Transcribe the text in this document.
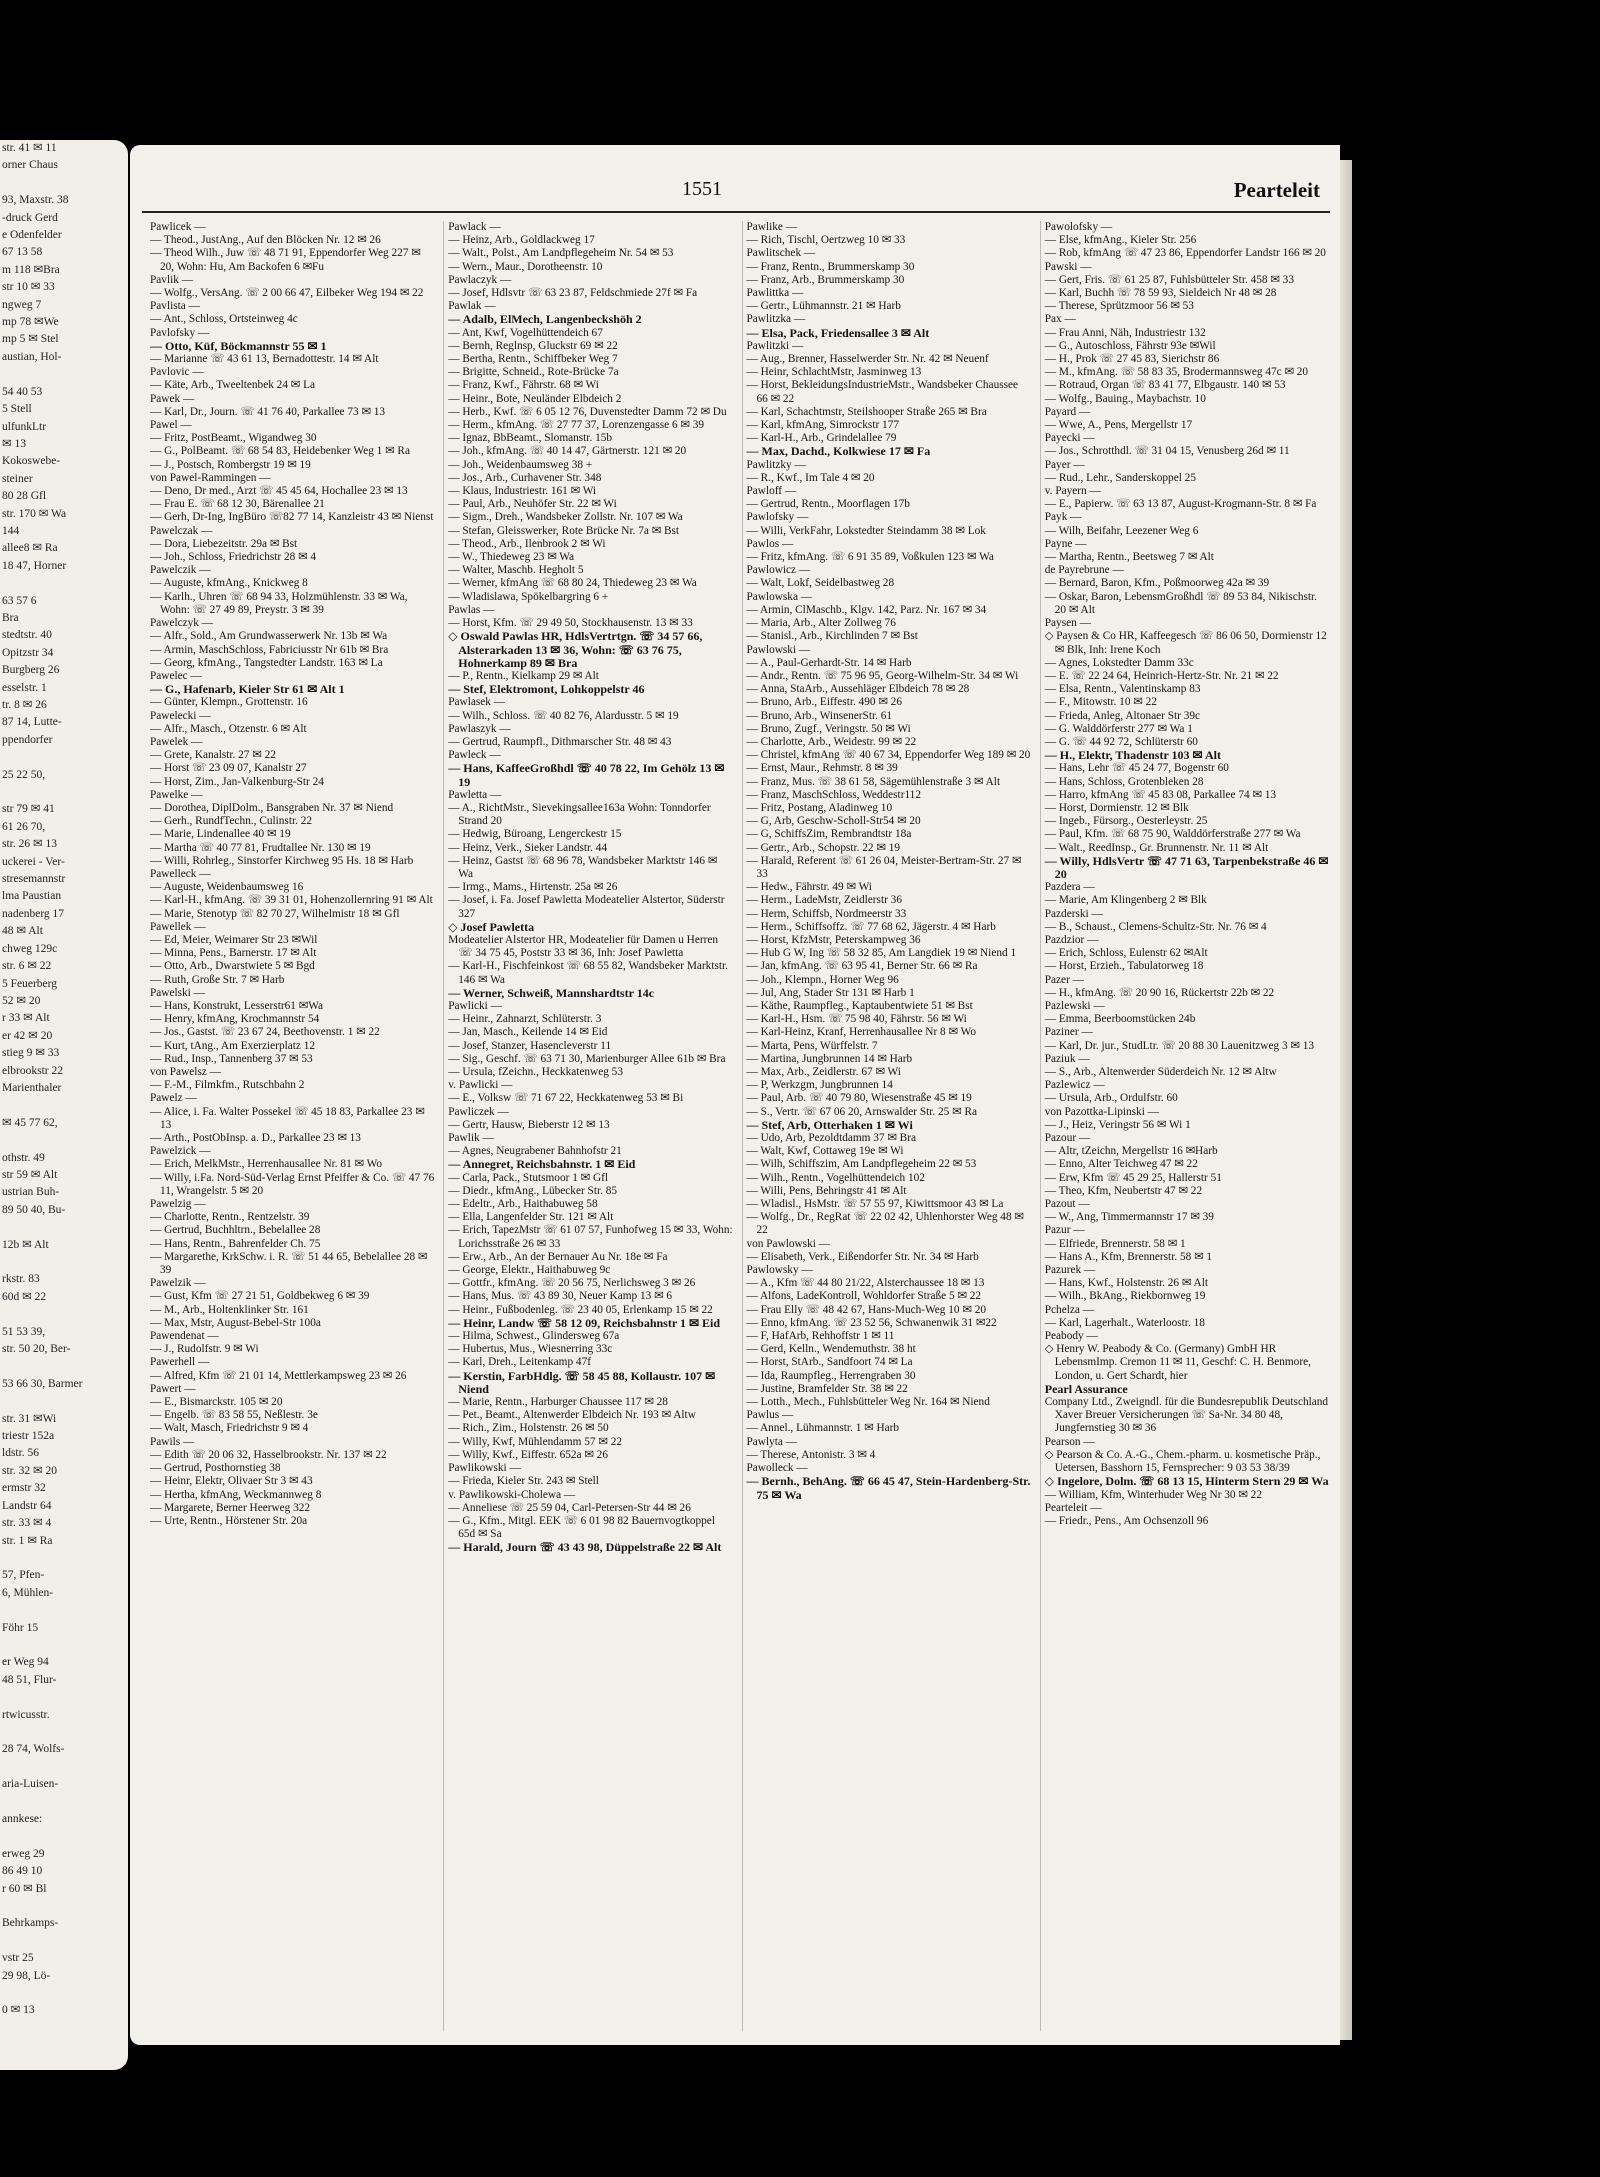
str. 41 ✉ 11
orner Chaus

93, Maxstr. 38
-druck Gerd
e Odenfelder
67 13 58
m 118 ✉Bra
str 10 ✉ 33
ngweg 7
mp 78 ✉We
mp 5 ✉ Stel
austian, Hol-

54 40 53
5 Stell
ulfunkLtr
✉ 13
Kokoswebe-
steiner
80 28 Gfl
str. 170 ✉ Wa
144
allee8 ✉ Ra
18 47, Horner

63 57 6
Bra
stedtstr. 40
Opitzstr 34
Burgberg 26
esselstr. 1
tr. 8 ✉ 26
87 14, Lutte-
ppendorfer

25 22 50,

str 79 ✉ 41
61 26 70,
str. 26 ✉ 13
uckerei - Ver-
stresemannstr
lma Paustian
nadenberg 17
48 ✉ Alt
chweg 129c
str. 6 ✉ 22
5 Feuerberg
52 ✉ 20
r 33 ✉ Alt
er 42 ✉ 20
stieg 9 ✉ 33
elbrookstr 22
Marienthaler

✉ 45 77 62,

othstr. 49
str 59 ✉ Alt
ustrian Buh-
89 50 40, Bu-

12b ✉ Alt

rkstr. 83
60d ✉ 22

51 53 39,
str. 50 20, Ber-

53 66 30, Barmer

str. 31 ✉Wi
triestr 152a
ldstr. 56
str. 32 ✉ 20
ermstr 32
Landstr 64
str. 33 ✉ 4
str. 1 ✉ Ra

57, Pfen-
6, Mühlen-

Föhr 15

er Weg 94
48 51, Flur-

rtwicusstr.

28 74, Wolfs-

aria-Luisen-

annkese:

erweg 29
86 49 10
r 60 ✉ Bl

Behrkamps-

vstr 25
29 98, Lö-

0 ✉ 13
1551	Pearteleit
Pawlicek —
— Theod., JustAng., Auf den Blöcken Nr. 12 ✉ 26
— Theod Wilh., Juw ☏ 48 71 91, Eppendorfer Weg 227 ✉ 20, Wohn: Hu, Am Backofen 6 ✉Fu
Pavlik —
— Wolfg., VersAng. ☏ 2 00 66 47, Eilbeker Weg 194 ✉ 22
Pavlista —
— Ant., Schloss, Ortsteinweg 4c
Pavlofsky —
— Otto, Küf, Böckmannstr 55 ✉ 1
— Marianne ☏ 43 61 13, Bernadottestr. 14 ✉ Alt
Pavlovic —
— Käte, Arb., Tweeltenbek 24 ✉ La
Pawek —
— Karl, Dr., Journ. ☏ 41 76 40, Parkallee 73 ✉ 13
Pawel —
— Fritz, PostBeamt., Wigandweg 30
— G., PolBeamt. ☏ 68 54 83, Heidebenker Weg 1 ✉ Ra
— J., Postsch, Rombergstr 19 ✉ 19
von Pawel-Rammingen —
— Deno, Dr med., Arzt ☏ 45 45 64, Hochallee 23 ✉ 13
— Frau E. ☏ 68 12 30, Bärenallee 21
— Gerh, Dr-Ing, IngBüro ☏82 77 14, Kanzleistr 43 ✉ Nienst
Pawelczak —
— Dora, Liebezeitstr. 29a ✉ Bst
— Joh., Schloss, Friedrichstr 28 ✉ 4
Pawelczik —
— Auguste, kfmAng., Knickweg 8
— Karlh., Uhren ☏ 68 94 33, Holzmühlenstr. 33 ✉ Wa, Wohn: ☏ 27 49 89, Preystr. 3 ✉ 39
Pawelczyk —
— Alfr., Sold., Am Grundwasserwerk Nr. 13b ✉ Wa
— Armin, MaschSchloss, Fabriciusstr Nr 61b ✉ Bra
— Georg, kfmAng., Tangstedter Landstr. 163 ✉ La
Pawelec —
— G., Hafenarb, Kieler Str 61 ✉ Alt 1
— Günter, Klempn., Grottenstr. 16
Pawelecki —
— Alfr., Masch., Otzenstr. 6 ✉ Alt
Pawelek —
— Grete, Kanalstr. 27 ✉ 22
— Horst ☏ 23 09 07, Kanalstr 27
— Horst, Zim., Jan-Valkenburg-Str 24
Pawelke —
— Dorothea, DiplDolm., Bansgraben Nr. 37 ✉ Niend
— Gerh., RundfTechn., Culinstr. 22
— Marie, Lindenallee 40 ✉ 19
— Martha ☏ 40 77 81, Frudtallee Nr. 130 ✉ 19
— Willi, Rohrleg., Sinstorfer Kirchweg 95 Hs. 18 ✉ Harb
Pawelleck —
— Auguste, Weidenbaumsweg 16
— Karl-H., kfmAng. ☏ 39 31 01, Hohenzollernring 91 ✉ Alt
— Marie, Stenotyp ☏ 82 70 27, Wilhelmistr 18 ✉ Gfl
Pawellek —
— Ed, Meier, Weimarer Str 23 ✉Wil
— Minna, Pens., Barnerstr. 17 ✉ Alt
— Otto, Arb., Dwarstwiete 5 ✉ Bgd
— Ruth, Große Str. 7 ✉ Harb
Pawelski —
— Hans, Konstrukt, Lesserstr61 ✉Wa
— Henry, kfmAng, Krochmannstr 54
— Jos., Gastst. ☏ 23 67 24, Beethovenstr. 1 ✉ 22
— Kurt, tAng., Am Exerzierplatz 12
— Rud., Insp., Tannenberg 37 ✉ 53
von Pawelsz —
— F.-M., Filmkfm., Rutschbahn 2
Pawelz —
— Alice, i. Fa. Walter Possekel ☏ 45 18 83, Parkallee 23 ✉ 13
— Arth., PostObInsp. a. D., Parkallee 23 ✉ 13
Pawelzick —
— Erich, MelkMstr., Herrenhausallee Nr. 81 ✉ Wo
— Willy, i.Fa. Nord-Süd-Verlag Ernst Pfeiffer & Co. ☏ 47 76 11, Wrangelstr. 5 ✉ 20
Pawelzig —
— Charlotte, Rentn., Rentzelstr. 39
— Gertrud, Buchhltrn., Bebelallee 28
— Hans, Rentn., Bahrenfelder Ch. 75
— Margarethe, KrkSchw. i. R. ☏ 51 44 65, Bebelallee 28 ✉ 39
Pawelzik —
— Gust, Kfm ☏ 27 21 51, Goldbekweg 6 ✉ 39
— M., Arb., Holtenklinker Str. 161
— Max, Mstr, August-Bebel-Str 100a
Pawendenat —
— J., Rudolfstr. 9 ✉ Wi
Pawerhell —
— Alfred, Kfm ☏ 21 01 14, Mettlerkampsweg 23 ✉ 26
Pawert —
— E., Bismarckstr. 105 ✉ 20
— Engelb. ☏ 83 58 55, Neßlestr. 3e
— Walt, Masch, Friedrichstr 9 ✉ 4
Pawils —
— Edith ☏ 20 06 32, Hasselbrookstr. Nr. 137 ✉ 22
— Gertrud, Posthornstieg 38
— Heinr, Elektr, Olivaer Str 3 ✉ 43
— Hertha, kfmAng, Weckmannweg 8
— Margarete, Berner Heerweg 322
— Urte, Rentn., Hörstener Str. 20a
Pawlack —
— Heinz, Arb., Goldlackweg 17
— Walt., Polst., Am Landpflegeheim Nr. 54 ✉ 53
— Wern., Maur., Dorotheenstr. 10
Pawlaczyk —
— Josef, Hdlsvtr ☏ 63 23 87, Feldschmiede 27f ✉ Fa
Pawlak —
— Adalb, ElMech, Langenbeckshöh 2
— Ant, Kwf, Vogelhüttendeich 67
— Bernh, Reglnsp, Gluckstr 69 ✉ 22
— Bertha, Rentn., Schiffbeker Weg 7
— Brigitte, Schneid., Rote-Brücke 7a
— Franz, Kwf., Fährstr. 68 ✉ Wi
— Heinr., Bote, Neuländer Elbdeich 2
— Herb., Kwf. ☏ 6 05 12 76, Duvenstedter Damm 72 ✉ Du
— Herm., kfmAng. ☏ 27 77 37, Lorenzengasse 6 ✉ 39
— Ignaz, BbBeamt., Slomanstr. 15b
— Joh., kfmAng. ☏ 40 14 47, Gärtnerstr. 121 ✉ 20
— Joh., Weidenbaumsweg 38 +
— Jos., Arb., Curhavener Str. 348
— Klaus, Industriestr. 161 ✉ Wi
— Paul, Arb., Neuhöfer Str. 22 ✉ Wi
— Sigm., Dreh., Wandsbeker Zollstr. Nr. 107 ✉ Wa
— Stefan, Gleisswerker, Rote Brücke Nr. 7a ✉ Bst
— Theod., Arb., Ilenbrook 2 ✉ Wi
— W., Thiedeweg 23 ✉ Wa
— Walter, Maschb. Hegholt 5
— Werner, kfmAng ☏ 68 80 24, Thiedeweg 23 ✉ Wa
— Wladislawa, Spökelbargring 6 +
Pawlas —
— Horst, Kfm. ☏ 29 49 50, Stockhausenstr. 13 ✉ 33
◇ Oswald Pawlas HR, HdlsVertrtgn. ☏ 34 57 66, Alsterarkaden 13 ✉ 36, Wohn: ☏ 63 76 75, Hohnerkamp 89 ✉ Bra
— P., Rentn., Kielkamp 29 ✉ Alt
— Stef, Elektromont, Lohkoppelstr 46
Pawlasek —
— Wilh., Schloss. ☏ 40 82 76, Alardusstr. 5 ✉ 19
Pawlaszyk —
— Gertrud, Raumpfl., Dithmarscher Str. 48 ✉ 43
Pawleck —
— Hans, KaffeeGroßhdl ☏ 40 78 22, Im Gehölz 13 ✉ 19
Pawletta —
— A., RichtMstr., Sievekingsallee163a Wohn: Tonndorfer Strand 20
— Hedwig, Büroang, Lengerckestr 15
— Heinz, Verk., Sieker Landstr. 44
— Heinz, Gastst ☏ 68 96 78, Wandsbeker Marktstr 146 ✉ Wa
— Irmg., Mams., Hirtenstr. 25a ✉ 26
— Josef, i. Fa. Josef Pawletta Modeatelier Alstertor, Süderstr 327
◇ Josef Pawletta
Modeatelier Alstertor HR, Modeatelier für Damen u Herren ☏ 34 75 45, Poststr 33 ✉ 36, Inh: Josef Pawletta
— Karl-H., Fischfeinkost ☏ 68 55 82, Wandsbeker Marktstr. 146 ✉ Wa
— Werner, Schweiß, Mannshardtstr 14c
Pawlicki —
— Heinr., Zahnarzt, Schlüterstr. 3
— Jan, Masch., Keilende 14 ✉ Eid
— Josef, Stanzer, Hasencleverstr 11
— Sig., Geschf. ☏ 63 71 30, Marienburger Allee 61b ✉ Bra
— Ursula, fZeichn., Heckkatenweg 53
v. Pawlicki —
— E., Volksw ☏ 71 67 22, Heckkatenweg 53 ✉ Bi
Pawliczek —
— Gertr, Hausw, Bieberstr 12 ✉ 13
Pawlik —
— Agnes, Neugrabener Bahnhofstr 21
— Annegret, Reichsbahnstr. 1 ✉ Eid
— Carla, Pack., Stutsmoor 1 ✉ Gfl
— Diedr., kfmAng., Lübecker Str. 85
— Edeltr., Arb., Haithabuweg 58
— Ella, Langenfelder Str. 121 ✉ Alt
— Erich, TapezMstr ☏ 61 07 57, Funhofweg 15 ✉ 33, Wohn: Lorichsstraße 26 ✉ 33
— Erw., Arb., An der Bernauer Au Nr. 18e ✉ Fa
— George, Elektr., Haithabuweg 9c
— Gottfr., kfmAng. ☏ 20 56 75, Nerlichsweg 3 ✉ 26
— Hans, Mus. ☏ 43 89 30, Neuer Kamp 13 ✉ 6
— Heinr., Fußbodenleg. ☏ 23 40 05, Erlenkamp 15 ✉ 22
— Heinr, Landw ☏ 58 12 09, Reichsbahnstr 1 ✉ Eid
— Hilma, Schwest., Glindersweg 67a
— Hubertus, Mus., Wiesnerring 33c
— Karl, Dreh., Leitenkamp 47f
— Kerstin, FarbHdlg. ☏ 58 45 88, Kollaustr. 107 ✉ Niend
— Marie, Rentn., Harburger Chaussee 117 ✉ 28
— Pet., Beamt., Altenwerder Elbdeich Nr. 193 ✉ Altw
— Rich., Zim., Holstenstr. 26 ✉ 50
— Willy, Kwf, Mühlendamm 57 ✉ 22
— Willy, Kwf., Eiffestr. 652a ✉ 26
Pawlikowski —
— Frieda, Kieler Str. 243 ✉ Stell
v. Pawlikowski-Cholewa —
— Anneliese ☏ 25 59 04, Carl-Petersen-Str 44 ✉ 26
— G., Kfm., Mitgl. EEK ☏ 6 01 98 82 Bauernvogtkoppel 65d ✉ Sa
— Harald, Journ ☏ 43 43 98, Düppelstraße 22 ✉ Alt
Pawlike —
— Rich, Tischl, Oertzweg 10 ✉ 33
Pawlitschek —
— Franz, Rentn., Brummerskamp 30
— Franz, Arb., Brummerskamp 30
Pawlittka —
— Gertr., Lühmannstr. 21 ✉ Harb
Pawlitzka —
— Elsa, Pack, Friedensallee 3 ✉ Alt
Pawlitzki —
— Aug., Brenner, Hasselwerder Str. Nr. 42 ✉ Neuenf
— Heinr, SchlachtMstr, Jasminweg 13
— Horst, BekleidungsIndustrieMstr., Wandsbeker Chaussee 66 ✉ 22
— Karl, Schachtmstr, Steilshooper Straße 265 ✉ Bra
— Karl, kfmAng, Simrockstr 177
— Karl-H., Arb., Grindelallee 79
— Max, Dachd., Kolkwiese 17 ✉ Fa
Pawlitzky —
— R., Kwf., Im Tale 4 ✉ 20
Pawloff —
— Gertrud, Rentn., Moorflagen 17b
Pawlofsky —
— Willi, VerkFahr, Lokstedter Steindamm 38 ✉ Lok
Pawlos —
— Fritz, kfmAng. ☏ 6 91 35 89, Voßkulen 123 ✉ Wa
Pawlowicz —
— Walt, Lokf, Seidelbastweg 28
Pawlowska —
— Armin, ClMaschb., Klgv. 142, Parz. Nr. 167 ✉ 34
— Maria, Arb., Alter Zollweg 76
— Stanisl., Arb., Kirchlinden 7 ✉ Bst
Pawlowski —
— A., Paul-Gerhardt-Str. 14 ✉ Harb
— Andr., Rentn. ☏ 75 96 95, Georg-Wilhelm-Str. 34 ✉ Wi
— Anna, StaArb., Aussehläger Elbdeich 78 ✉ 28
— Bruno, Arb., Eiffestr. 490 ✉ 26
— Bruno, Arb., WinsenerStr. 61
— Bruno, Zugf., Veringstr. 50 ✉ Wi
— Charlotte, Arb., Weidestr. 99 ✉ 22
— Christel, kfmAng ☏ 40 67 34, Eppendorfer Weg 189 ✉ 20
— Ernst, Maur., Rehmstr. 8 ✉ 39
— Franz, Mus. ☏ 38 61 58, Sägemühlenstraße 3 ✉ Alt
— Franz, MaschSchloss, Weddestr112
— Fritz, Postang, Aladinweg 10
— G, Arb, Geschw-Scholl-Str54 ✉ 20
— G, SchiffsZim, Rembrandtstr 18a
— Gertr., Arb., Schopstr. 22 ✉ 19
— Harald, Referent ☏ 61 26 04, Meister-Bertram-Str. 27 ✉ 33
— Hedw., Fährstr. 49 ✉ Wi
— Herm., LadeMstr, Zeidlerstr 36
— Herm, Schiffsb, Nordmeerstr 33
— Herm., Schiffsoffz. ☏ 77 68 62, Jägerstr. 4 ✉ Harb
— Horst, KfzMstr, Peterskampweg 36
— Hub G W, Ing ☏ 58 32 85, Am Langdiek 19 ✉ Niend 1
— Jan, kfmAng. ☏ 63 95 41, Berner Str. 66 ✉ Ra
— Joh., Klempn., Horner Weg 96
— Jul, Ang, Stader Str 131 ✉ Harb 1
— Käthe, Raumpfleg., Kaptaubentwiete 51 ✉ Bst
— Karl-H., Hsm. ☏ 75 98 40, Fährstr. 56 ✉ Wi
— Karl-Heinz, Kranf, Herrenhausallee Nr 8 ✉ Wo
— Marta, Pens, Würffelstr. 7
— Martina, Jungbrunnen 14 ✉ Harb
— Max, Arb., Zeidlerstr. 67 ✉ Wi
— P, Werkzgm, Jungbrunnen 14
— Paul, Arb. ☏ 40 79 80, Wiesenstraße 45 ✉ 19
— S., Vertr. ☏ 67 06 20, Arnswalder Str. 25 ✉ Ra
— Stef, Arb, Otterhaken 1 ✉ Wi
— Udo, Arb, Pezoldtdamm 37 ✉ Bra
— Walt, Kwf, Cottaweg 19e ✉ Wi
— Wilh, Schiffszim, Am Landpflegeheim 22 ✉ 53
— Wilh., Rentn., Vogelhüttendeich 102
— Willi, Pens, Behringstr 41 ✉ Alt
— Wladisl., HsMstr. ☏ 57 55 97, Kiwittsmoor 43 ✉ La
— Wolfg., Dr., RegRat ☏ 22 02 42, Uhlenhorster Weg 48 ✉ 22
von Pawlowski —
— Elisabeth, Verk., Eißendorfer Str. Nr. 34 ✉ Harb
Pawlowsky —
— A., Kfm ☏ 44 80 21/22, Alsterchaussee 18 ✉ 13
— Alfons, LadeKontroll, Wohldorfer Straße 5 ✉ 22
— Frau Elly ☏ 48 42 67, Hans-Much-Weg 10 ✉ 20
— Enno, kfmAng. ☏ 23 52 56, Schwanenwik 31 ✉22
— F, HafArb, Rehhoffstr 1 ✉ 11
— Gerd, Kelln., Wendemuthstr. 38 ht
— Horst, StArb., Sandfoort 74 ✉ La
— Ida, Raumpfleg., Herrengraben 30
— Justine, Bramfelder Str. 38 ✉ 22
— Lotth., Mech., Fuhlsbütteler Weg Nr. 164 ✉ Niend
Pawlus —
— Annel., Lühmannstr. 1 ✉ Harb
Pawlyta —
— Therese, Antonistr. 3 ✉ 4
Pawolleck —
— Bernh., BehAng. ☏ 66 45 47, Stein-Hardenberg-Str. 75 ✉ Wa
Pawolofsky —
— Else, kfmAng., Kieler Str. 256
— Rob, kfmAng ☏ 47 23 86, Eppendorfer Landstr 166 ✉ 20
Pawski —
— Gert, Fris. ☏ 61 25 87, Fuhlsbütteler Str. 458 ✉ 33
— Karl, Buchh ☏ 78 59 93, Sieldeich Nr 48 ✉ 28
— Therese, Sprützmoor 56 ✉ 53
Pax —
— Frau Anni, Näh, Industriestr 132
— G., Autoschloss, Fährstr 93e ✉Wil
— H., Prok ☏ 27 45 83, Sierichstr 86
— M., kfmAng. ☏ 58 83 35, Brodermannsweg 47c ✉ 20
— Rotraud, Organ ☏ 83 41 77, Elbgaustr. 140 ✉ 53
— Wolfg., Bauing., Maybachstr. 10
Payard —
— Wwe, A., Pens, Mergellstr 17
Payecki —
— Jos., Schrotthdl. ☏ 31 04 15, Venusberg 26d ✉ 11
Payer —
— Rud., Lehr., Sanderskoppel 25
v. Payern —
— E., Papierw. ☏ 63 13 87, August-Krogmann-Str. 8 ✉ Fa
Payk —
— Wilh, Beifahr, Leezener Weg 6
Payne —
— Martha, Rentn., Beetsweg 7 ✉ Alt
de Payrebrune —
— Bernard, Baron, Kfm., Poßmoorweg 42a ✉ 39
— Oskar, Baron, LebensmGroßhdl ☏ 89 53 84, Nikischstr. 20 ✉ Alt
Paysen —
◇ Paysen & Co HR, Kaffeegesch ☏ 86 06 50, Dormienstr 12 ✉ Blk, Inh: Irene Koch
— Agnes, Lokstedter Damm 33c
— E. ☏ 22 24 64, Heinrich-Hertz-Str. Nr. 21 ✉ 22
— Elsa, Rentn., Valentinskamp 83
— F., Mitowstr. 10 ✉ 22
— Frieda, Anleg, Altonaer Str 39c
— G. Walddörferstr 277 ✉ Wa 1
— G. ☏ 44 92 72, Schlüterstr 60
— H., Elektr, Thadenstr 103 ✉ Alt
— Hans, Lehr ☏ 45 24 77, Bogenstr 60
— Hans, Schloss, Grotenbleken 28
— Harro, kfmAng ☏ 45 83 08, Parkallee 74 ✉ 13
— Horst, Dormienstr. 12 ✉ Blk
— Ingeb., Fürsorg., Oesterleystr. 25
— Paul, Kfm. ☏ 68 75 90, Walddörferstraße 277 ✉ Wa
— Walt., ReedInsp., Gr. Brunnenstr. Nr. 11 ✉ Alt
— Willy, HdlsVertr ☏ 47 71 63, Tarpenbekstraße 46 ✉ 20
Pazdera —
— Marie, Am Klingenberg 2 ✉ Blk
Pazderski —
— B., Schaust., Clemens-Schultz-Str. Nr. 76 ✉ 4
Pazdzior —
— Erich, Schloss, Eulenstr 62 ✉Alt
— Horst, Erzieh., Tabulatorweg 18
Pazer —
— H., kfmAng. ☏ 20 90 16, Rückertstr 22b ✉ 22
Pazlewski —
— Emma, Beerboomstücken 24b
Paziner —
— Karl, Dr. jur., StudLtr. ☏ 20 88 30 Lauenitzweg 3 ✉ 13
Paziuk —
— S., Arb., Altenwerder Süderdeich Nr. 12 ✉ Altw
Pazlewicz —
— Ursula, Arb., Ordulfstr. 60
von Pazottka-Lipinski —
— J., Heiz, Veringstr 56 ✉ Wi 1
Pazour —
— Altr, tZeichn, Mergellstr 16 ✉Harb
— Enno, Alter Teichweg 47 ✉ 22
— Erw, Kfm ☏ 45 29 25, Hallerstr 51
— Theo, Kfm, Neubertstr 47 ✉ 22
Pazout —
— W., Ang, Timmermannstr 17 ✉ 39
Pazur —
— Elfriede, Brennerstr. 58 ✉ 1
— Hans A., Kfm, Brennerstr. 58 ✉ 1
Pazurek —
— Hans, Kwf., Holstenstr. 26 ✉ Alt
— Wilh., BkAng., Riekbornweg 19
Pchelza —
— Karl, Lagerhalt., Waterloostr. 18
Peabody —
◇ Henry W. Peabody & Co. (Germany) GmbH HR LebensmImp. Cremon 11 ✉ 11, Geschf: C. H. Benmore, London, u. Gert Schardt, hier
Pearl Assurance
Company Ltd., Zweigndl. für die Bundesrepublik Deutschland Xaver Breuer Versicherungen ☏ Sa-Nr. 34 80 48, Jungfernstieg 30 ✉ 36
Pearson —
◇ Pearson & Co. A.-G., Chem.-pharm. u. kosmetische Präp., Uetersen, Basshorn 15, Fernsprecher: 9 03 53 38/39
◇ Ingelore, Dolm. ☏ 68 13 15, Hinterm Stern 29 ✉ Wa
— William, Kfm, Winterhuder Weg Nr 30 ✉ 22
Pearteleit —
— Friedr., Pens., Am Ochsenzoll 96
